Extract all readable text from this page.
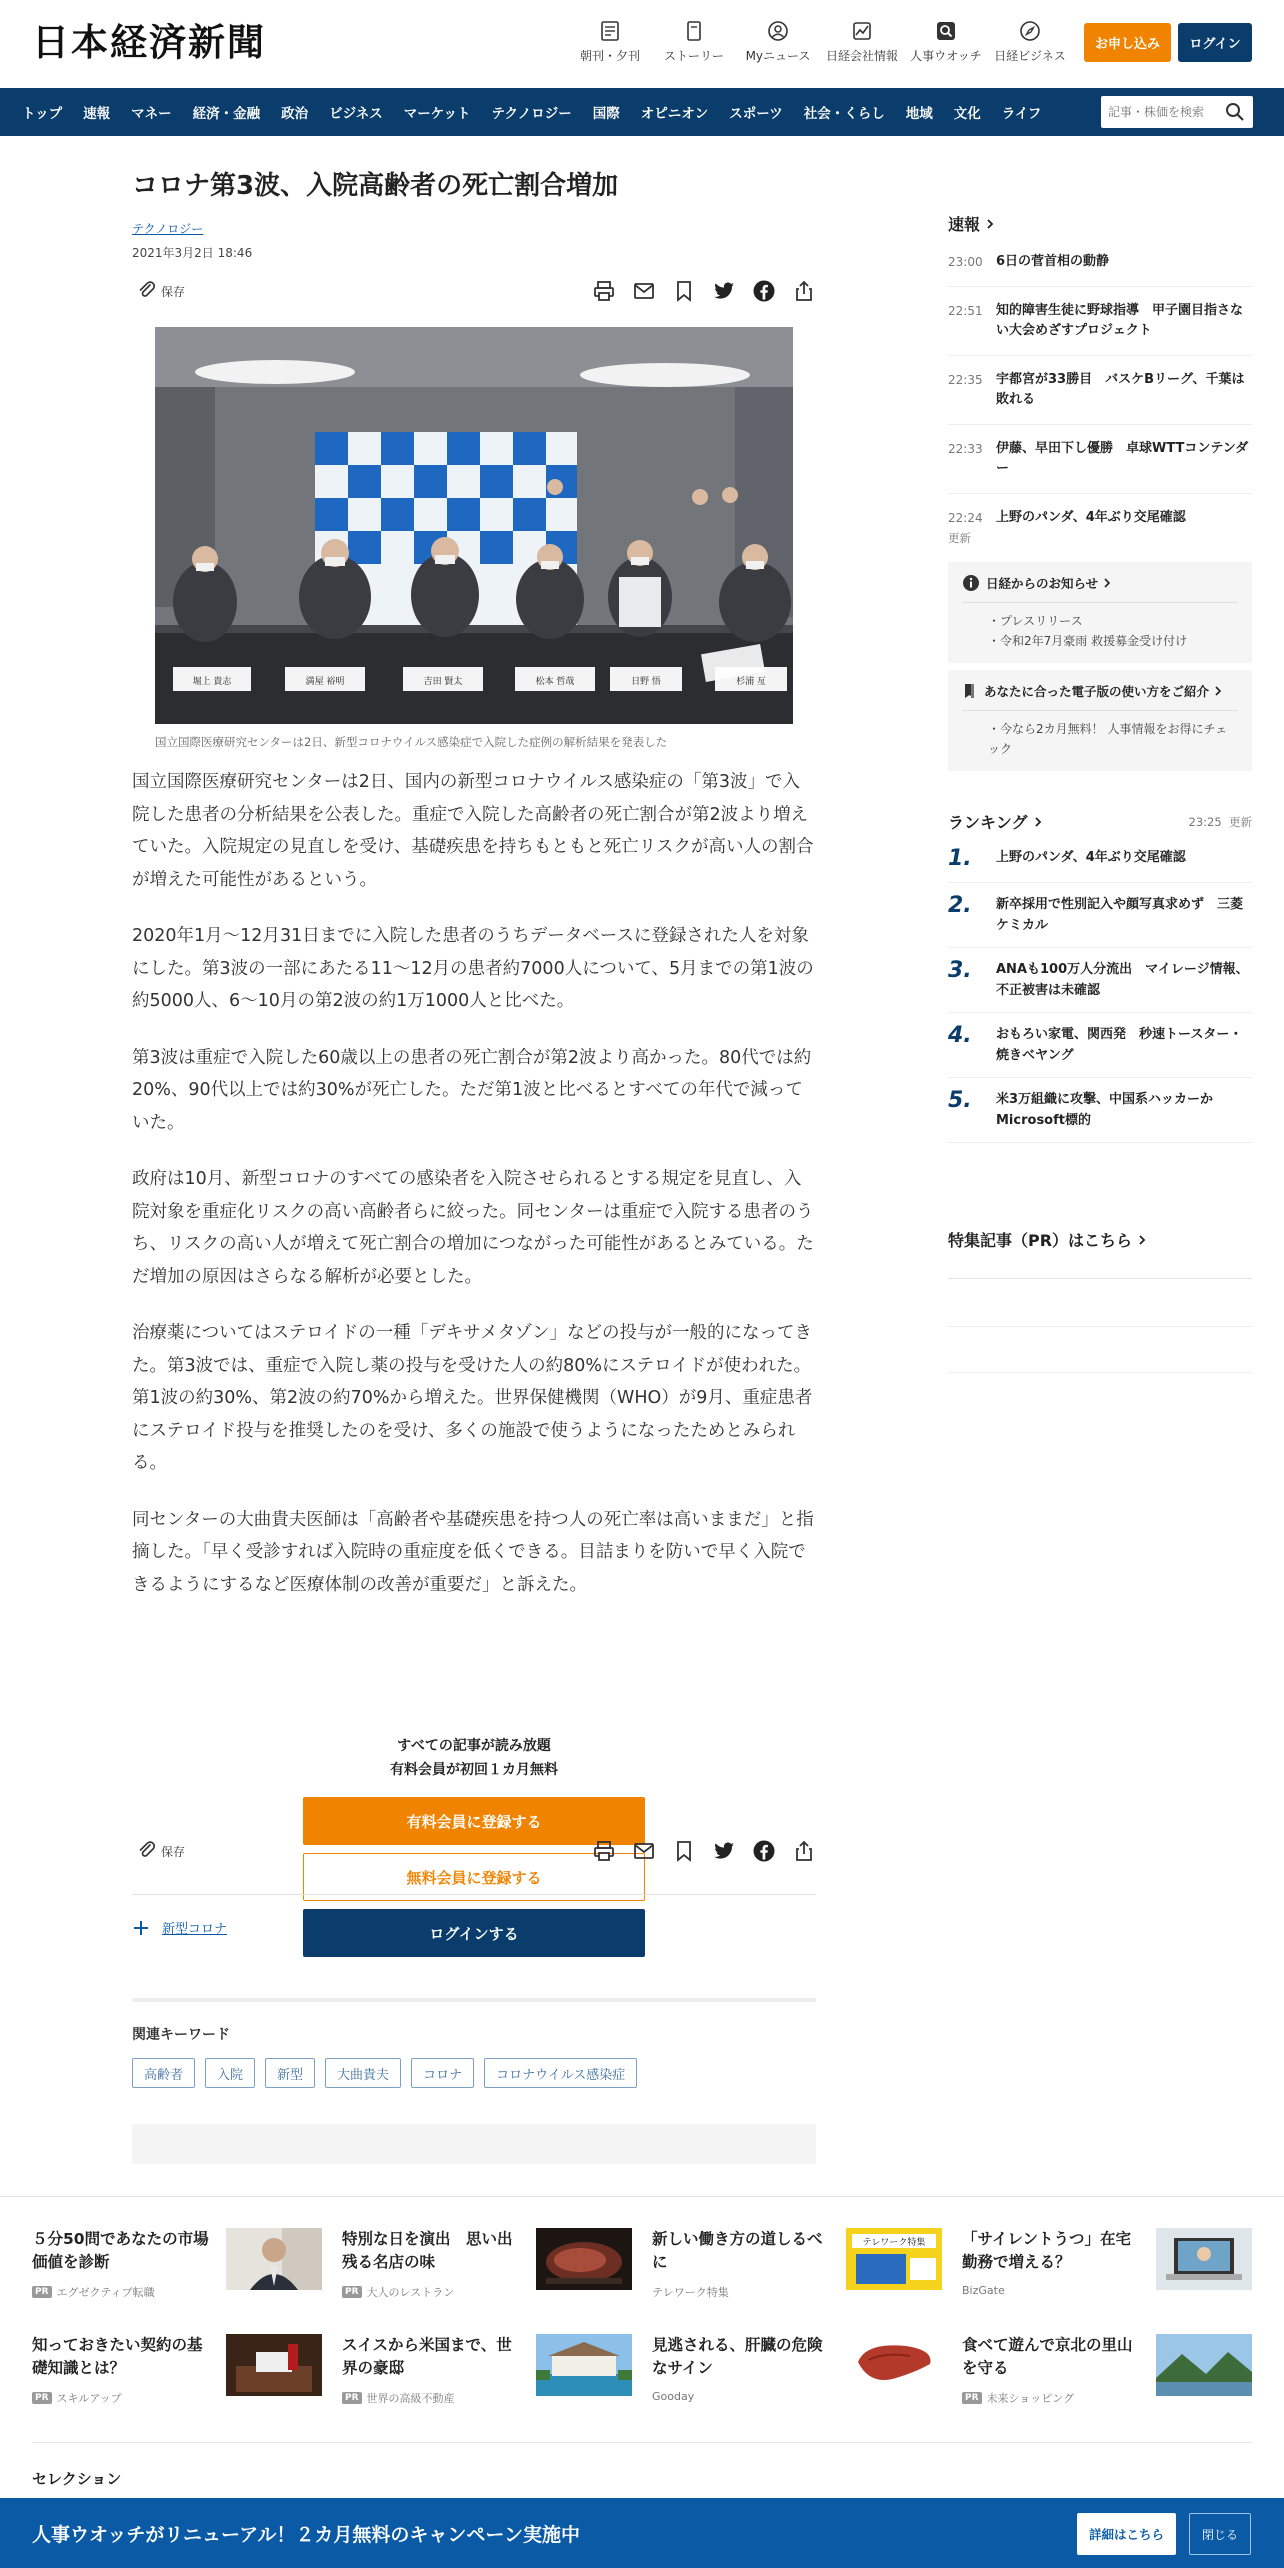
日本経済新聞	朝刊・夕刊 ストーリー Myニュース 日経会社情報 人事ウオッチ 日経ビジネス
お申し込み	ログイン
トップ 速報 マネー 経済・金融 政治 ビジネス マーケット テクノロジー 国際 オピニオン スポーツ 社会・くらし 地域 文化 ライフ
記事・株価を検索
コロナ第3波、入院高齢者の死亡割合増加
テクノロジー
2021年3月2日 18:46
保存
堀上 貴志	満屋 裕明	吉田 賢太	松本 哲哉	日野 悟	杉浦 亙
国立国際医療研究センターは2日、新型コロナウイルス感染症で入院した症例の解析結果を発表した

国立国際医療研究センターは2日、国内の新型コロナウイルス感染症の「第3波」で入院した患者の分析結果を公表した。重症で入院した高齢者の死亡割合が第2波より増えていた。入院規定の見直しを受け、基礎疾患を持ちもともと死亡リスクが高い人の割合が増えた可能性があるという。

2020年1月～12月31日までに入院した患者のうちデータベースに登録された人を対象にした。第3波の一部にあたる11～12月の患者約7000人について、5月までの第1波の約5000人、6～10月の第2波の約1万1000人と比べた。

第3波は重症で入院した60歳以上の患者の死亡割合が第2波より高かった。80代では約20%、90代以上では約30%が死亡した。ただ第1波と比べるとすべての年代で減っていた。

政府は10月、新型コロナのすべての感染者を入院させられるとする規定を見直し、入院対象を重症化リスクの高い高齢者らに絞った。同センターは重症で入院する患者のうち、リスクの高い人が増えて死亡割合の増加につながった可能性があるとみている。ただ増加の原因はさらなる解析が必要とした。

治療薬についてはステロイドの一種「デキサメタゾン」などの投与が一般的になってきた。第3波では、重症で入院し薬の投与を受けた人の約80%にステロイドが使われた。第1波の約30%、第2波の約70%から増えた。世界保健機関（WHO）が9月、重症患者にステロイド投与を推奨したのを受け、多くの施設で使うようになったためとみられる。

同センターの大曲貴夫医師は「高齢者や基礎疾患を持つ人の死亡率は高いままだ」と指摘した。「早く受診すれば入院時の重症度を低くできる。目詰まりを防いで早く入院できるようにするなど医療体制の改善が重要だ」と訴えた。

すべての記事が読み放題
有料会員が初回１カ月無料
有料会員に登録する
無料会員に登録する
ログインする
保存
新型コロナ
関連キーワード
高齢者	入院	新型	大曲貴夫	コロナ	コロナウイルス感染症
速報
23:00	6日の菅首相の動静
22:51	知的障害生徒に野球指導　甲子園目指さない大会めざすプロジェクト
22:35	宇都宮が33勝目　バスケBリーグ、千葉は敗れる
22:33	伊藤、早田下し優勝　卓球WTTコンテンダー
22:24	上野のパンダ、4年ぶり交尾確認
更新
日経からのお知らせ
・プレスリリース
・令和2年7月豪雨 救援募金受け付け
あなたに合った電子版の使い方をご紹介
・今なら2カ月無料！ 人事情報をお得にチェック
ランキング	23:25 更新
1.	上野のパンダ、4年ぶり交尾確認
2.	新卒採用で性別記入や顔写真求めず　三菱ケミカル
3.	ANAも100万人分流出　マイレージ情報、不正被害は未確認
4.	おもろい家電、関西発　秒速トースター・焼きベヤング
5.	米3万組織に攻撃、中国系ハッカーかMicrosoft標的
特集記事（PR）はこちら
５分50問であなたの市場価値を診断
PR エグゼクティブ転職
特別な日を演出　思い出残る名店の味
PR 大人のレストラン
新しい働き方の道しるべに
テレワーク特集
テレワーク特集 「サイレントうつ」在宅勤務で増える？
BizGate
知っておきたい契約の基礎知識とは？
PR スキルアップ
スイスから米国まで、世界の豪邸
PR 世界の高級不動産
見逃される、肝臓の危険なサイン
Gooday
食べて遊んで京北の里山を守る
PR 未来ショッピング
セレクション
人事ウオッチがリニューアル！２カ月無料のキャンペーン実施中	詳細はこちら	閉じる
